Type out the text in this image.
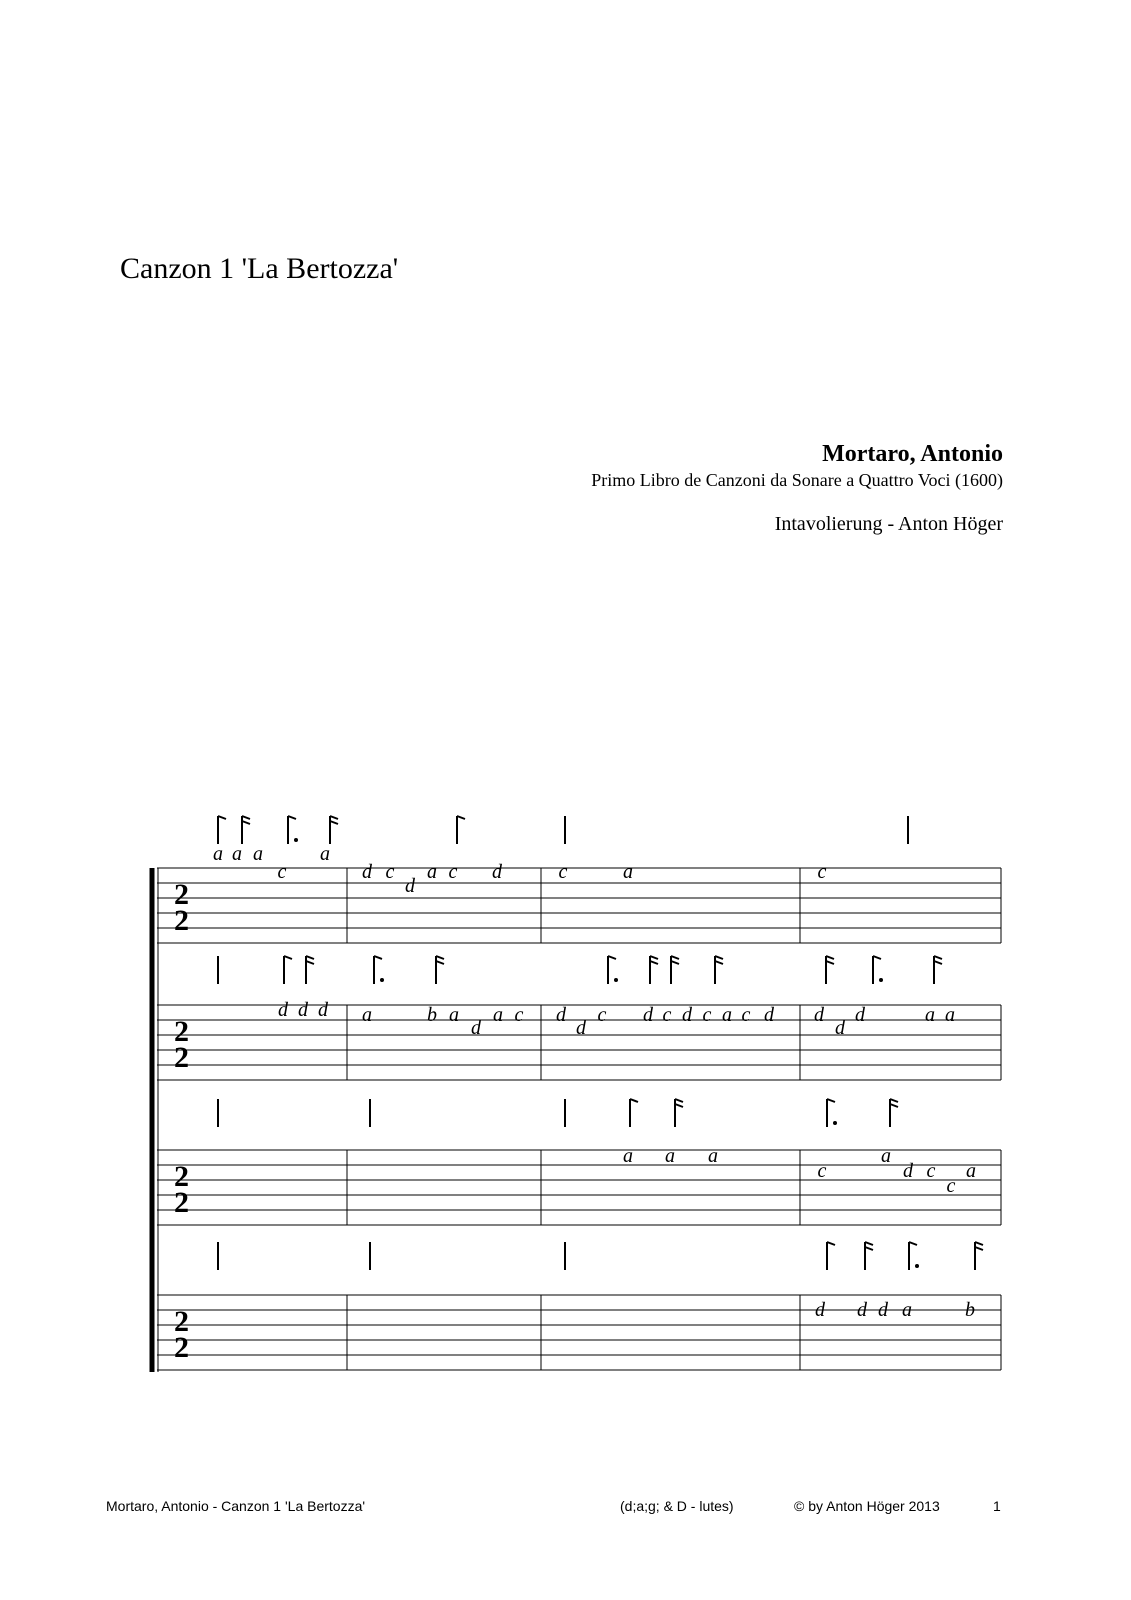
Canzon 1 'La Bertozza'
Mortaro, Antonio
Primo Libro de Canzoni da Sonare a Quattro Voci (1600)
Intavolierung - Anton Höger
2
2
a a a
c
a
d c
d
a c d	c	a	c
2
2
d d d a	b a
d
a c d
d
c d c d c a c d d
d
d	a a
2
2
a a a
c
a
d c
c
a
2
2
d d d a	b
Mortaro, Antonio - Canzon 1 'La Bertozza'	(d;a;g; & D - lutes)	© by Anton Höger 2013	1
